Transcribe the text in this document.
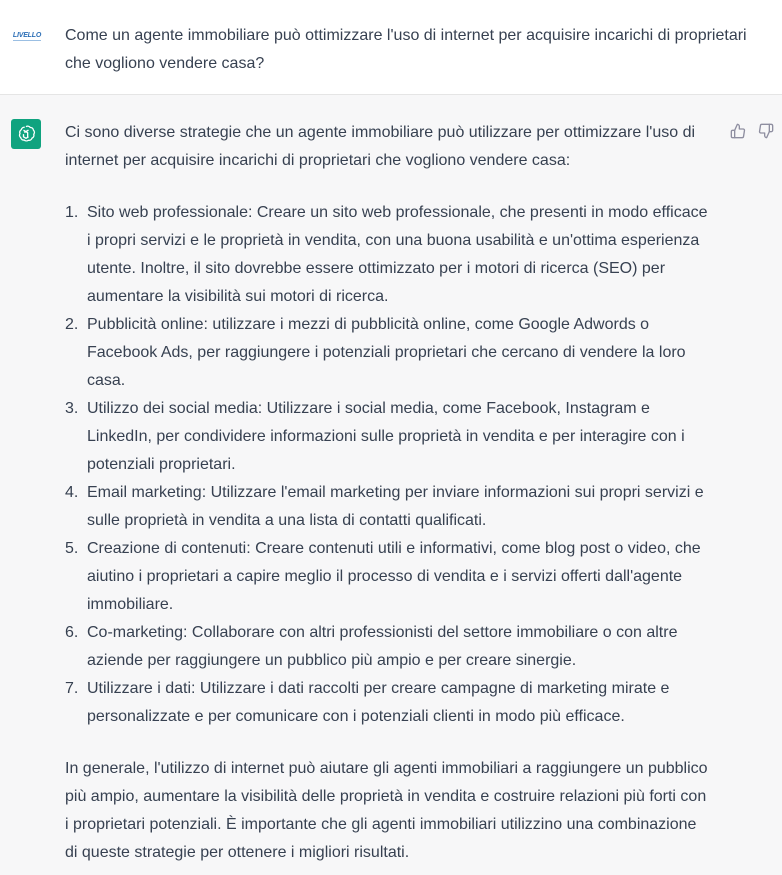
LIVELLO Come un agente immobiliare può ottimizzare l'uso di internet per acquisire incarichi di proprietari che vogliono vendere casa?

Ci sono diverse strategie che un agente immobiliare può utilizzare per ottimizzare l'uso di internet per acquisire incarichi di proprietari che vogliono vendere casa:

1. Sito web professionale: Creare un sito web professionale, che presenti in modo efficace i propri servizi e le proprietà in vendita, con una buona usabilità e un'ottima esperienza utente. Inoltre, il sito dovrebbe essere ottimizzato per i motori di ricerca (SEO) per aumentare la visibilità sui motori di ricerca.
2. Pubblicità online: utilizzare i mezzi di pubblicità online, come Google Adwords o Facebook Ads, per raggiungere i potenziali proprietari che cercano di vendere la loro casa.
3. Utilizzo dei social media: Utilizzare i social media, come Facebook, Instagram e LinkedIn, per condividere informazioni sulle proprietà in vendita e per interagire con i potenziali proprietari.
4. Email marketing: Utilizzare l'email marketing per inviare informazioni sui propri servizi e sulle proprietà in vendita a una lista di contatti qualificati.
5. Creazione di contenuti: Creare contenuti utili e informativi, come blog post o video, che aiutino i proprietari a capire meglio il processo di vendita e i servizi offerti dall'agente immobiliare.
6. Co-marketing: Collaborare con altri professionisti del settore immobiliare o con altre aziende per raggiungere un pubblico più ampio e per creare sinergie.
7. Utilizzare i dati: Utilizzare i dati raccolti per creare campagne di marketing mirate e personalizzate e per comunicare con i potenziali clienti in modo più efficace.

In generale, l'utilizzo di internet può aiutare gli agenti immobiliari a raggiungere un pubblico più ampio, aumentare la visibilità delle proprietà in vendita e costruire relazioni più forti con i proprietari potenziali. È importante che gli agenti immobiliari utilizzino una combinazione di queste strategie per ottenere i migliori risultati.
